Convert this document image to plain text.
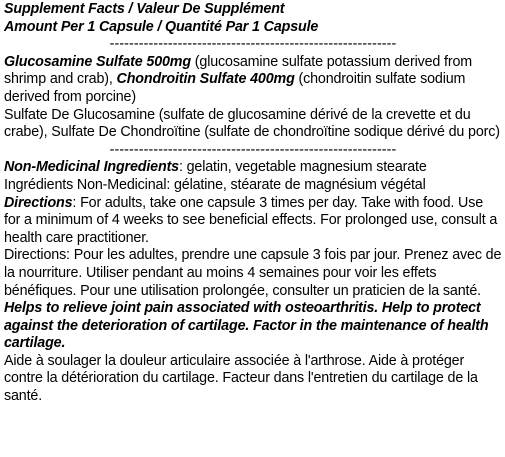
Supplement Facts / Valeur De Supplément

Amount Per 1 Capsule / Quantité Par 1 Capsule

-----------------------------------------------------------

Glucosamine Sulfate 500mg (glucosamine sulfate potassium derived from shrimp and crab), Chondroitin Sulfate 400mg (chondroitin sulfate sodium derived from porcine)

Sulfate De Glucosamine (sulfate de glucosamine dérivé de la crevette et du crabe), Sulfate De Chondroïtine (sulfate de chondroïtine sodique dérivé du porc)

-----------------------------------------------------------

Non-Medicinal Ingredients: gelatin, vegetable magnesium stearate

Ingrédients Non-Medicinal: gélatine, stéarate de magnésium végétal

Directions: For adults, take one capsule 3 times per day. Take with food. Use for a minimum of 4 weeks to see beneficial effects. For prolonged use, consult a health care practitioner.

Directions: Pour les adultes, prendre une capsule 3 fois par jour. Prenez avec de la nourriture. Utiliser pendant au moins 4 semaines pour voir les effets bénéfiques. Pour une utilisation prolongée, consulter un praticien de la santé.

Helps to relieve joint pain associated with osteoarthritis. Help to protect against the deterioration of cartilage. Factor in the maintenance of health cartilage.

Aide à soulager la douleur articulaire associée à l'arthrose. Aide à protéger contre la détérioration du cartilage. Facteur dans l'entretien du cartilage de la santé.
